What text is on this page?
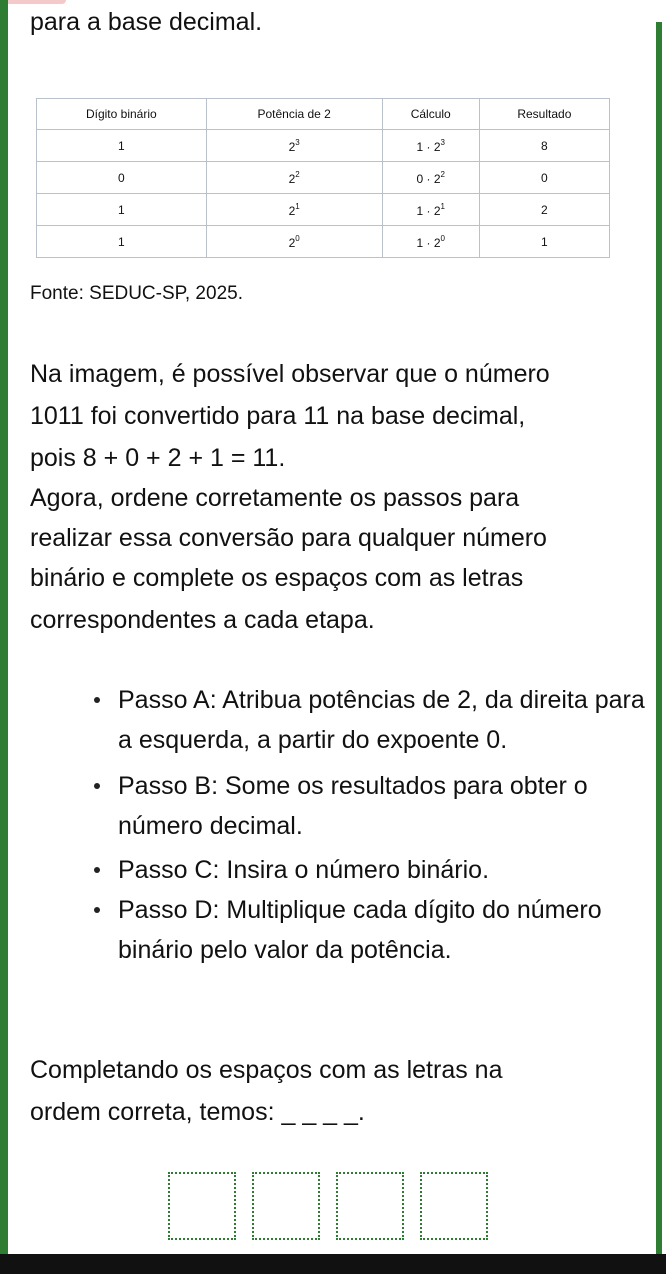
para a base decimal.
Dígito binário	Potência de 2	Cálculo	Resultado
1	$2^3$	$1 \cdot 2^3$	8
0	$2^2$	$0 \cdot 2^2$	0
1	$2^1$	$1 \cdot 2^1$	2
1	$2^0$	$1 \cdot 2^0$	1
Fonte: SEDUC-SP, 2025.
Na imagem, é possível observar que o número
1011 foi convertido para 11 na base decimal,
pois 8 + 0 + 2 + 1 = 11.
Agora, ordene corretamente os passos para
realizar essa conversão para qualquer número
binário e complete os espaços com as letras
correspondentes a cada etapa.
Passo A: Atribua potências de 2, da direita para a esquerda, a partir do expoente 0.
Passo B: Some os resultados para obter o número decimal.
Passo C: Insira o número binário.
Passo D: Multiplique cada dígito do número binário pelo valor da potência.
Completando os espaços com as letras na
ordem correta, temos: _ _ _ _.
